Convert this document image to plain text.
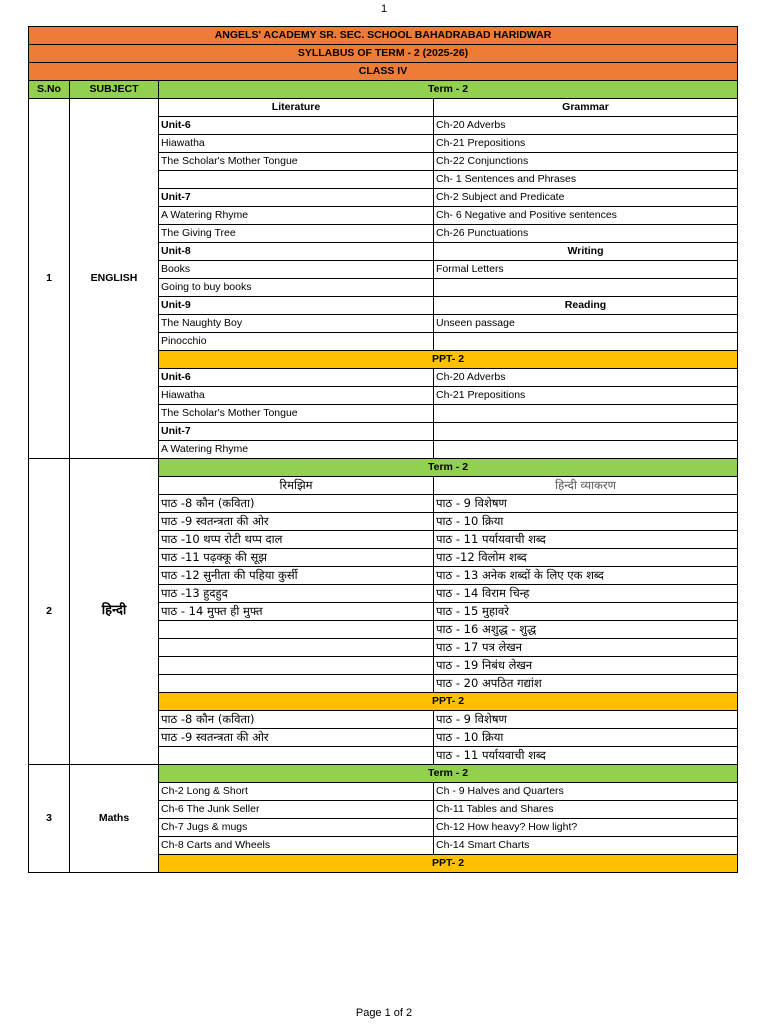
1
ANGELS' ACADEMY SR. SEC. SCHOOL BAHADRABAD HARIDWAR			
SYLLABUS OF TERM - 2 (2025-26)			
CLASS IV			
S.No	SUBJECT	Term - 2	
1	ENGLISH	Literature	Grammar
		Unit-6	Ch-20 Adverbs
		Hiawatha	Ch-21 Prepositions
		The Scholar's Mother Tongue	Ch-22 Conjunctions
			Ch- 1 Sentences and Phrases
		Unit-7	Ch-2 Subject and Predicate
		A Watering Rhyme	Ch- 6 Negative and Positive sentences
		The Giving Tree	Ch-26 Punctuations
		Unit-8	Writing
		Books	Formal Letters
		Going to buy books	
		Unit-9	Reading
		The Naughty Boy	Unseen passage
		Pinocchio	
		PPT- 2	
		Unit-6	Ch-20 Adverbs
		Hiawatha	Ch-21 Prepositions
		The Scholar's Mother Tongue	
		Unit-7	
		A Watering Rhyme	
2	हिन्दी	Term - 2	
		रिमझिम	हिन्दी व्याकरण
		पाठ -8 कौन (कविता)	पाठ - 9 विशेषण
		पाठ -9 स्वतन्त्रता की ओर	पाठ - 10 क्रिया
		पाठ -10 थप्प रोटी थप्प दाल	पाठ - 11 पर्यायवाची शब्द
		पाठ -11 पढ़क्कू की सूझ	पाठ -12 विलोम शब्द
		पाठ -12 सुनीता की पहिया कुर्सी	पाठ - 13 अनेक शब्दों के लिए एक शब्द
		पाठ -13 हुदहुद	पाठ - 14 विराम चिन्ह
		पाठ - 14 मुफ्त ही मुफ्त	पाठ - 15 मुहावरे
			पाठ - 16 अशुद्ध - शुद्ध
			पाठ - 17 पत्र लेखन
			पाठ - 19 निबंध लेखन
			पाठ - 20 अपठित गद्यांश
		PPT- 2	
		पाठ -8 कौन (कविता)	पाठ - 9 विशेषण
		पाठ -9 स्वतन्त्रता की ओर	पाठ - 10 क्रिया
			पाठ - 11 पर्यायवाची शब्द
3	Maths	Term - 2	
		Ch-2 Long & Short	Ch - 9 Halves and Quarters
		Ch-6 The Junk Seller	Ch-11 Tables and Shares
		Ch-7 Jugs & mugs	Ch-12 How heavy? How light?
		Ch-8 Carts and Wheels	Ch-14 Smart Charts
		PPT- 2	
Page 1 of 2
